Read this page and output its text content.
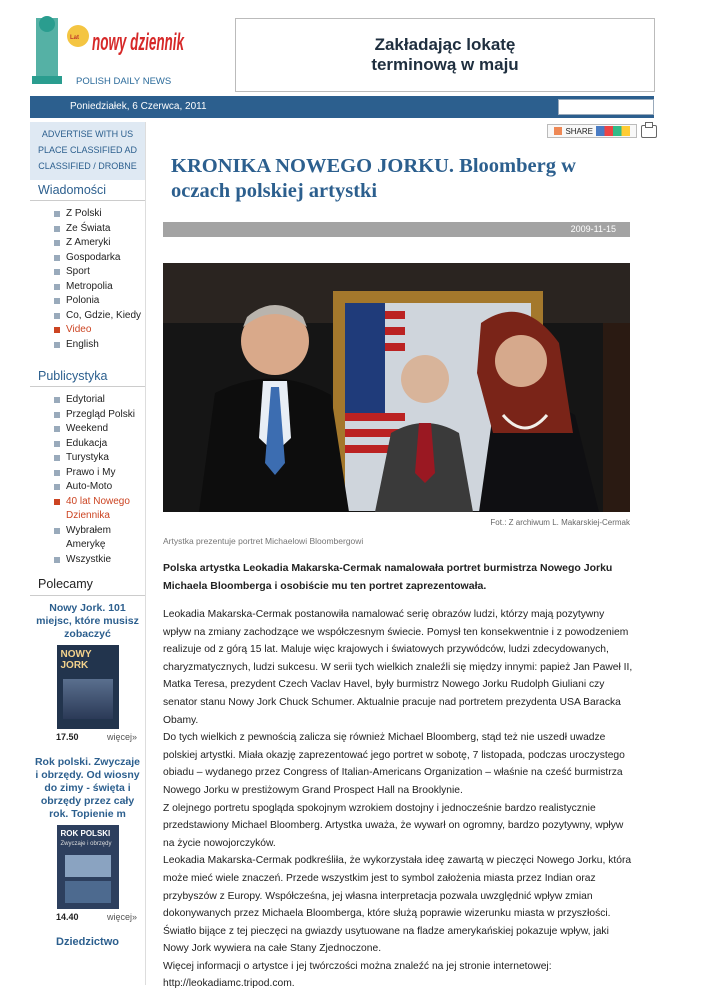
Lat nowy dziennik
POLISH DAILY NEWS
Zakładając lokatę terminową w maju
Poniedziałek, 6 Czerwca, 2011
ADVERTISE WITH US
PLACE CLASSIFIED AD
CLASSIFIED / DROBNE
Wiadomości
Z Polski
Ze Świata
Z Ameryki
Gospodarka
Sport
Metropolia
Polonia
Co, Gdzie, Kiedy
Video
English
Publicystyka
Edytorial
Przegląd Polski
Weekend
Edukacja
Turystyka
Prawo i My
Auto-Moto
40 lat Nowego Dziennika
Wybrałem Amerykę
Wszystkie
Polecamy
Nowy Jork. 101 miejsc, które musisz zobaczyć
NOWY JORK
17.50	więcej»
Rok polski. Zwyczaje i obrzędy. Od wiosny do zimy - święta i obrzędy przez cały rok. Topienie m
ROK POLSKI
Zwyczaje i obrzędy
14.40	więcej»
Dziedzictwo
SHARE
KRONIKA NOWEGO JORKU. Bloomberg w oczach polskiej artystki
2009-11-15
Fot.: Z archiwum L. Makarskiej-Cermak
Artystka prezentuje portret Michaelowi Bloombergowi
Polska artystka Leokadia Makarska-Cermak namalowała portret burmistrza Nowego Jorku Michaela Bloomberga i osobiście mu ten portret zaprezentowała.

Leokadia Makarska-Cermak postanowiła namalować serię obrazów ludzi, którzy mają pozytywny wpływ na zmiany zachodzące we współczesnym świecie. Pomysł ten konsekwentnie i z powodzeniem realizuje od z górą 15 lat. Maluje więc krajowych i światowych przywódców, ludzi zdecydowanych, charyzmatycznych, ludzi sukcesu. W serii tych wielkich znaleźli się między innymi: papież Jan Paweł II, Matka Teresa, prezydent Czech Vaclav Havel, były burmistrz Nowego Jorku Rudolph Giuliani czy senator stanu Nowy Jork Chuck Schumer. Aktualnie pracuje nad portretem prezydenta USA Baracka Obamy.

Do tych wielkich z pewnością zalicza się również Michael Bloomberg, stąd też nie uszedł uwadze polskiej artystki. Miała okazję zaprezentować jego portret w sobotę, 7 listopada, podczas uroczystego obiadu – wydanego przez Congress of Italian-Americans Organization – właśnie na cześć burmistrza Nowego Jorku w prestiżowym Grand Prospect Hall na Brooklynie.

Z olejnego portretu spogląda spokojnym wzrokiem dostojny i jednocześnie bardzo realistycznie przedstawiony Michael Bloomberg. Artystka uważa, że wywarł on ogromny, bardzo pozytywny, wpływ na życie nowojorczyków.

Leokadia Makarska-Cermak podkreśliła, że wykorzystała ideę zawartą w pieczęci Nowego Jorku, która może mieć wiele znaczeń. Przede wszystkim jest to symbol założenia miasta przez Indian oraz przybyszów z Europy. Współcześna, jej własna interpretacja pozwala uwzględnić wpływ zmian dokonywanych przez Michaela Bloomberga, które służą poprawie wizerunku miasta w przyszłości. Światło bijące z tej pieczęci na gwiazdy usytuowane na fladze amerykańskiej pokazuje wpływ, jaki Nowy Jork wywiera na całe Stany Zjednoczone.

Więcej informacji o artystce i jej twórczości można znaleźć na jej stronie internetowej:

http://leokadiamc.tripod.com.
